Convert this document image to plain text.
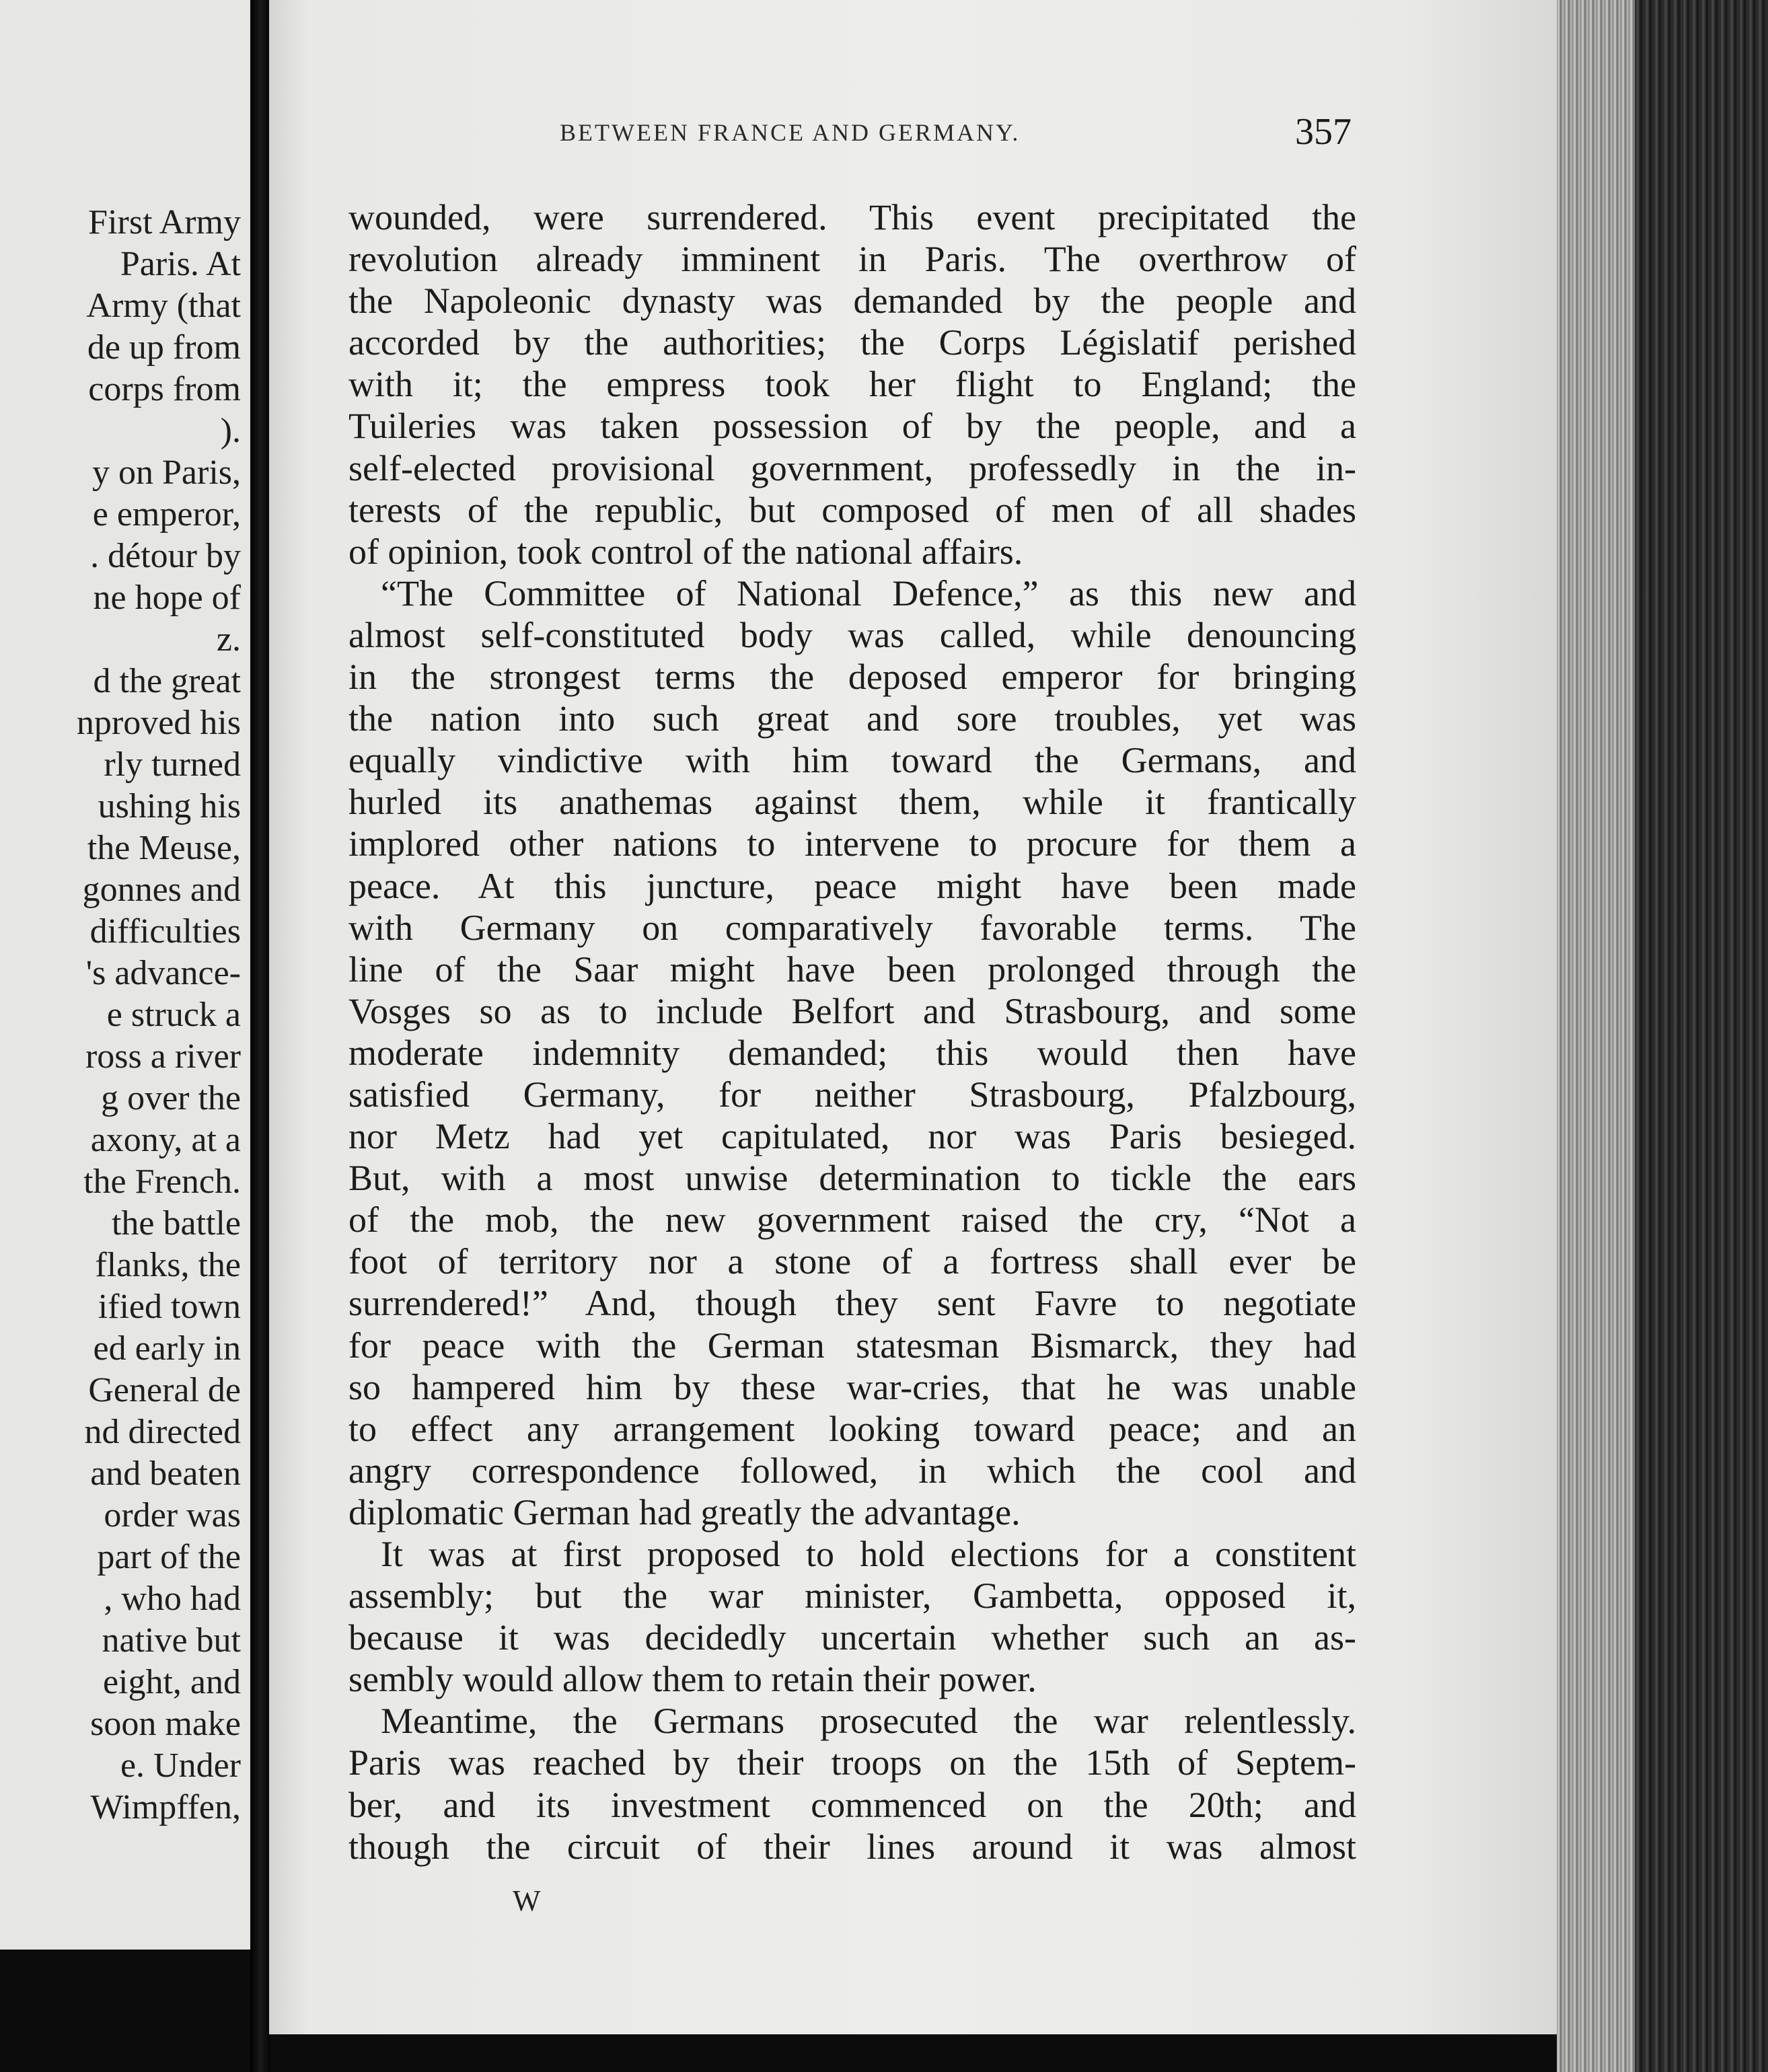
First Army
Paris. At
Army (that
de up from
corps from
).
y on Paris,
e emperor,
. détour by
ne hope of
z.
d the great
nproved his
rly turned
ushing his
the Meuse,
gonnes and
difficulties
's advance-
e struck a
ross a river
g over the
axony, at a
the French.
the battle
flanks, the
ified town
ed early in
General de
nd directed
and beaten
order was
part of the
, who had
native but
eight, and
soon make
e. Under
Wimpffen,
BETWEEN FRANCE AND GERMANY.	357
wounded, were surrendered. This event precipitated the
revolution already imminent in Paris. The overthrow of
the Napoleonic dynasty was demanded by the people and
accorded by the authorities; the Corps Législatif perished
with it; the empress took her flight to England; the
Tuileries was taken possession of by the people, and a
self-elected provisional government, professedly in the in-
terests of the republic, but composed of men of all shades
of opinion, took control of the national affairs.
“The Committee of National Defence,” as this new and
almost self-constituted body was called, while denouncing
in the strongest terms the deposed emperor for bringing
the nation into such great and sore troubles, yet was
equally vindictive with him toward the Germans, and
hurled its anathemas against them, while it frantically
implored other nations to intervene to procure for them a
peace. At this juncture, peace might have been made
with Germany on comparatively favorable terms. The
line of the Saar might have been prolonged through the
Vosges so as to include Belfort and Strasbourg, and some
moderate indemnity demanded; this would then have
satisfied Germany, for neither Strasbourg, Pfalzbourg,
nor Metz had yet capitulated, nor was Paris besieged.
But, with a most unwise determination to tickle the ears
of the mob, the new government raised the cry, “Not a
foot of territory nor a stone of a fortress shall ever be
surrendered!” And, though they sent Favre to negotiate
for peace with the German statesman Bismarck, they had
so hampered him by these war-cries, that he was unable
to effect any arrangement looking toward peace; and an
angry correspondence followed, in which the cool and
diplomatic German had greatly the advantage.
It was at first proposed to hold elections for a constitent
assembly; but the war minister, Gambetta, opposed it,
because it was decidedly uncertain whether such an as-
sembly would allow them to retain their power.
Meantime, the Germans prosecuted the war relentlessly.
Paris was reached by their troops on the 15th of Septem-
ber, and its investment commenced on the 20th; and
though the circuit of their lines around it was almost
W
